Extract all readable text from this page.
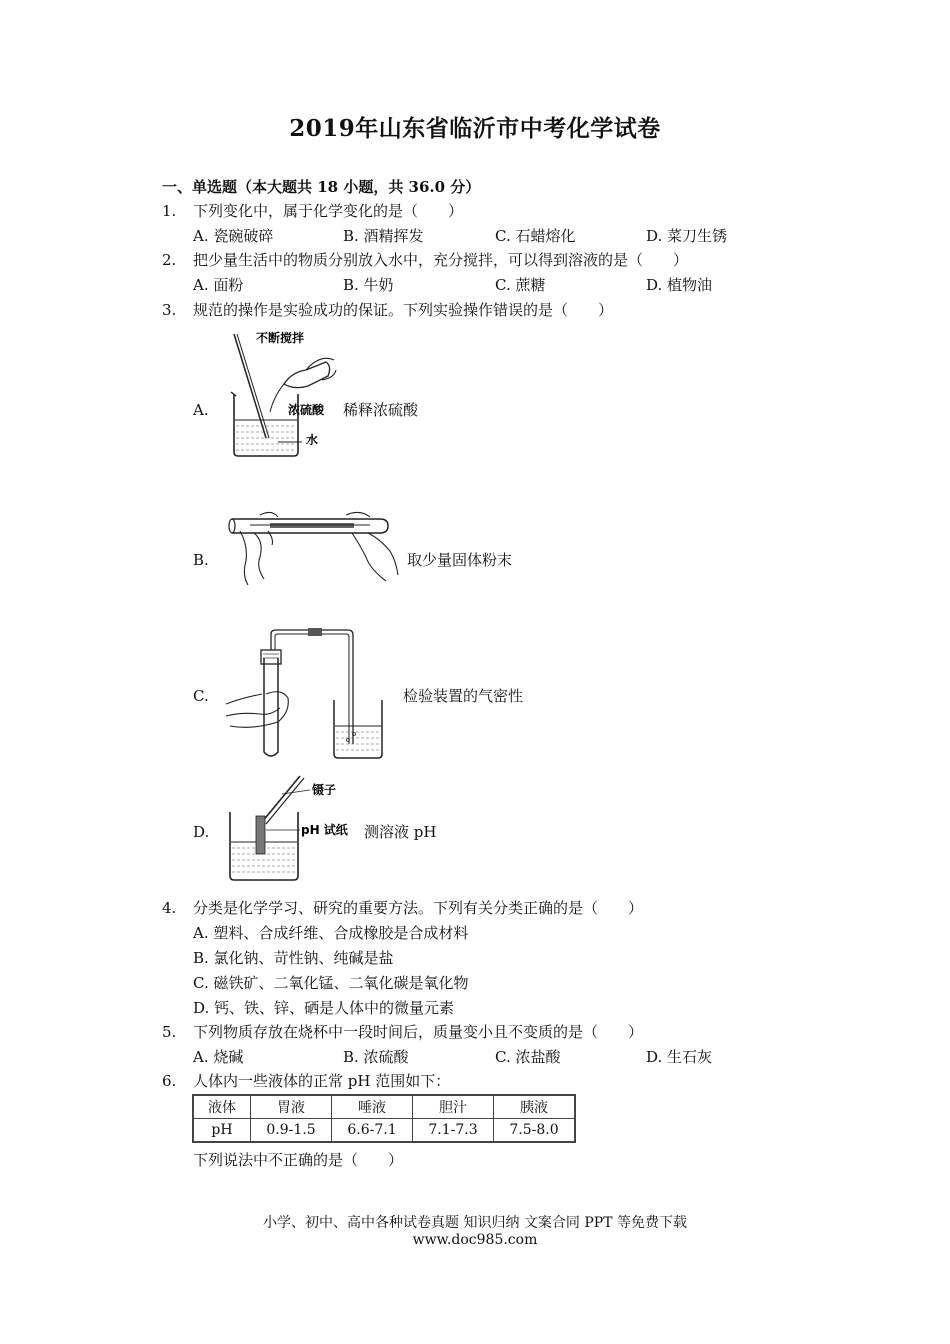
2019年山东省临沂市中考化学试卷
一、单选题（本大题共 18 小题，共 36.0 分）
1. 下列变化中，属于化学变化的是（　　）
A. 瓷碗破碎	B. 酒精挥发	C. 石蜡熔化	D. 菜刀生锈
2. 把少量生活中的物质分别放入水中，充分搅拌，可以得到溶液的是（　　）
A. 面粉	B. 牛奶	C. 蔗糖	D. 植物油
3. 规范的操作是实验成功的保证。下列实验操作错误的是（　　）
A.
不断搅拌
浓硫酸
水
稀释浓硫酸
B.	取少量固体粉末
C.	检验装置的气密性
D.
镊子
pH 试纸 测溶液 pH
4. 分类是化学学习、研究的重要方法。下列有关分类正确的是（　　）
A. 塑料、合成纤维、合成橡胶是合成材料
B. 氯化钠、苛性钠、纯碱是盐
C. 磁铁矿、二氧化锰、二氧化碳是氧化物
D. 钙、铁、锌、硒是人体中的微量元素
5. 下列物质存放在烧杯中一段时间后，质量变小且不变质的是（　　）
A. 烧碱	B. 浓硫酸	C. 浓盐酸	D. 生石灰
6. 人体内一些液体的正常 pH 范围如下：
液体	胃液	唾液	胆汁	胰液
pH	0.9-1.5	6.6-7.1	7.1-7.3	7.5-8.0
下列说法中不正确的是（　　）
小学、初中、高中各种试卷真题 知识归纳 文案合同 PPT 等免费下载
www.doc985.com
